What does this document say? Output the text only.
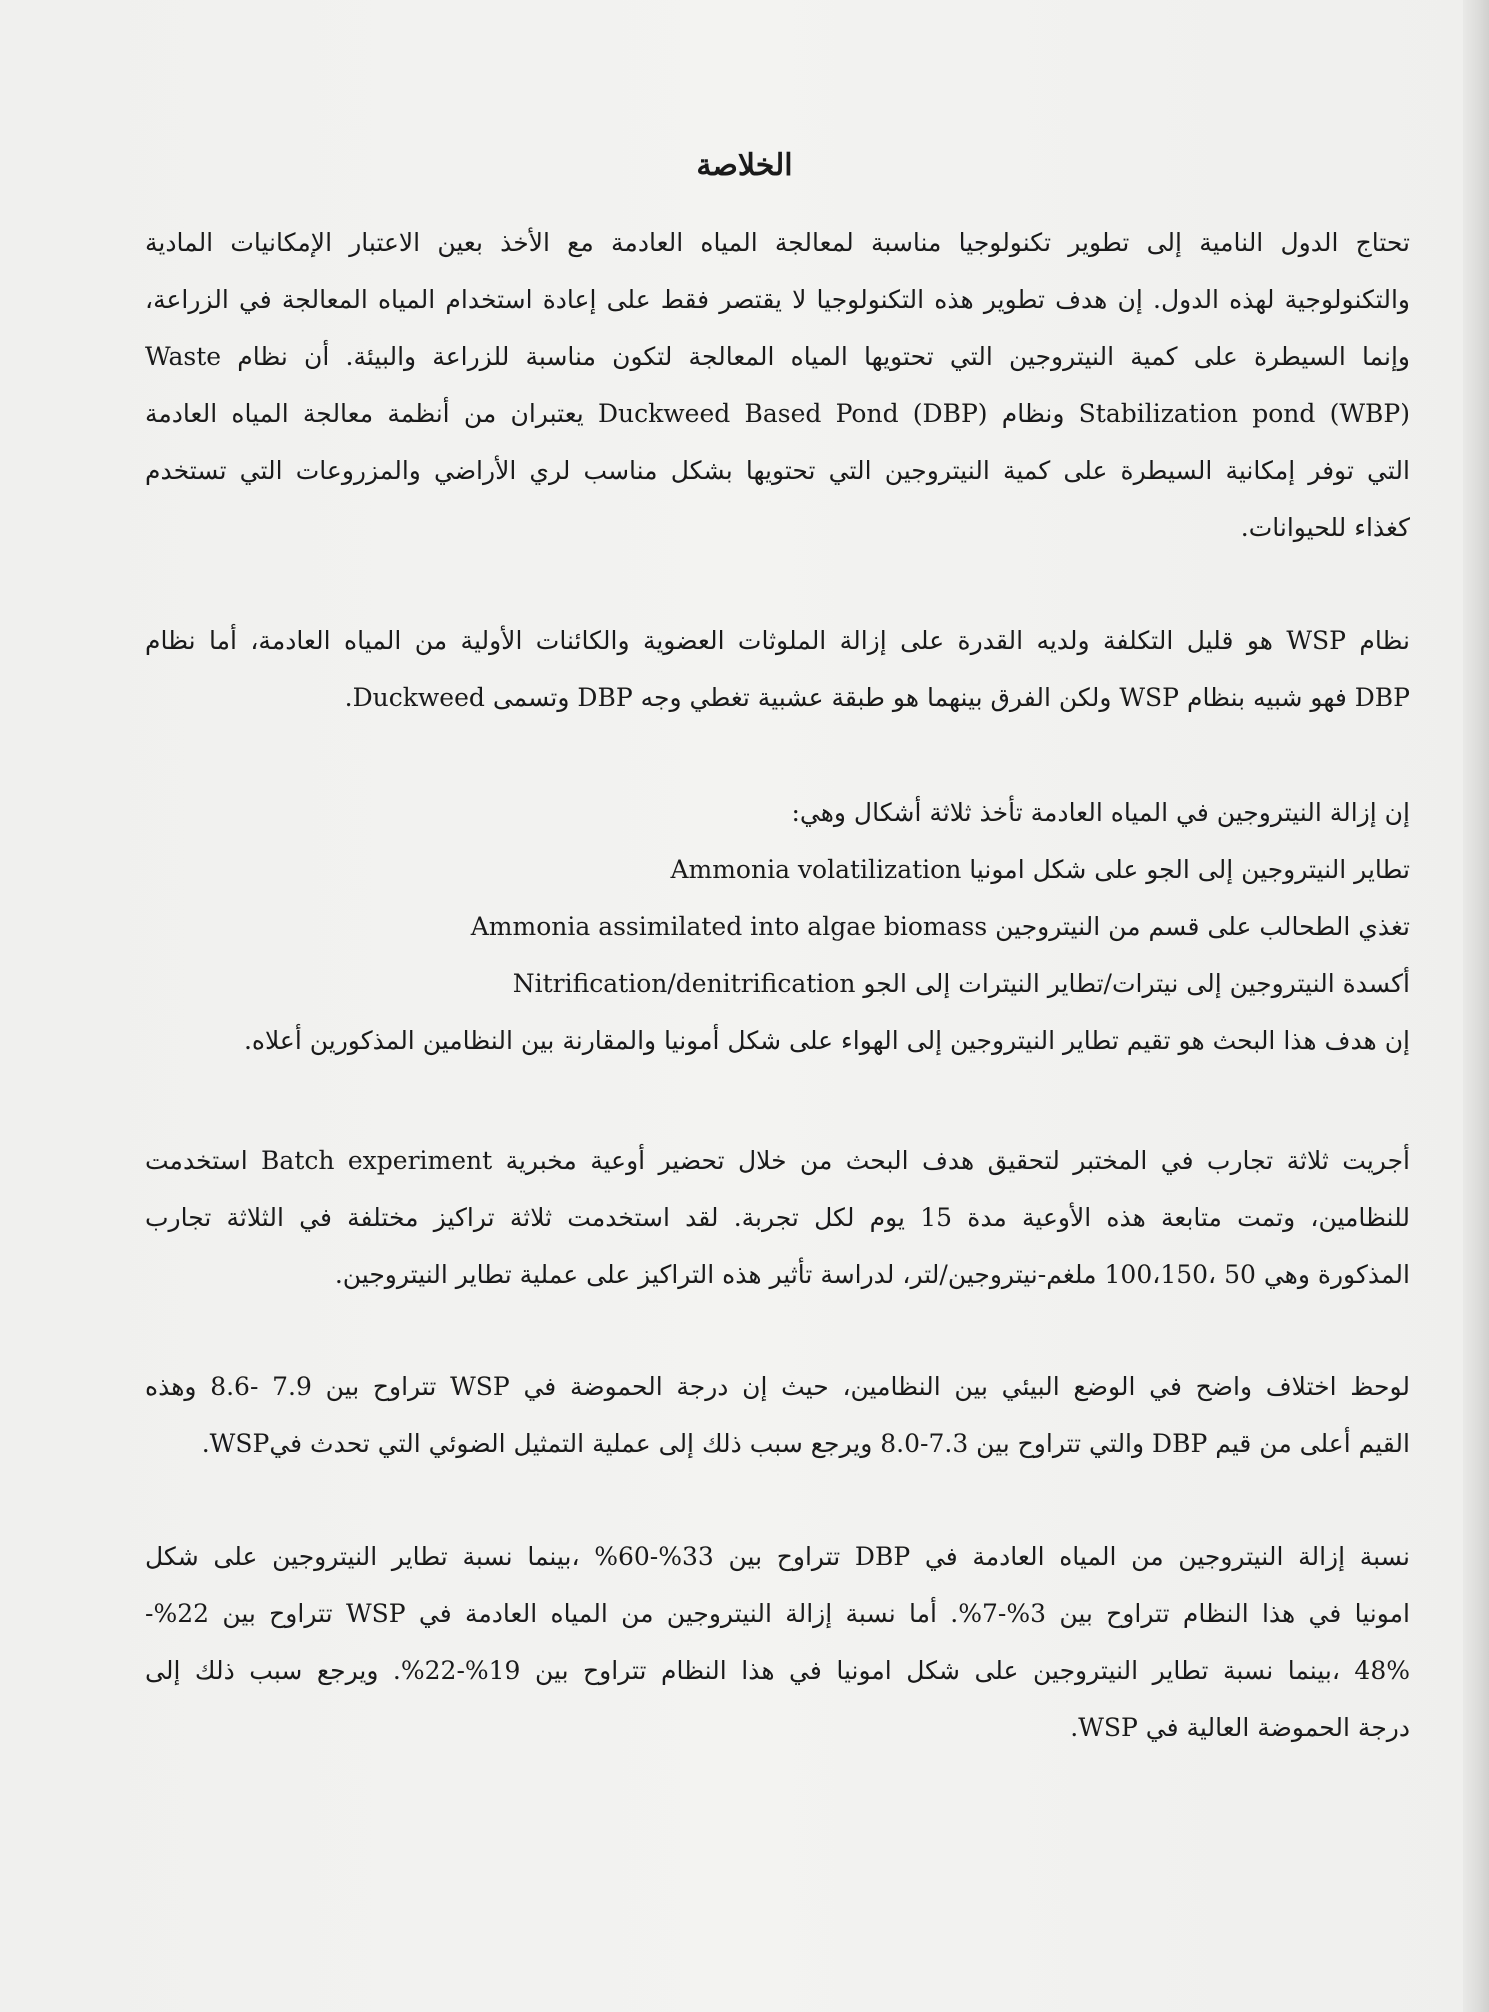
الخلاصة
تحتاج الدول النامية إلى تطوير تكنولوجيا مناسبة لمعالجة المياه العادمة مع الأخذ بعين الاعتبار الإمكانيات المادية
والتكنولوجية لهذه الدول. إن هدف تطوير هذه التكنولوجيا لا يقتصر فقط على إعادة استخدام المياه المعالجة في الزراعة،
وإنما السيطرة على كمية النيتروجين التي تحتويها المياه المعالجة لتكون مناسبة للزراعة والبيئة. أن نظام Waste
Stabilization pond (WBP) ونظام Duckweed Based Pond (DBP) يعتبران من أنظمة معالجة المياه العادمة
التي توفر إمكانية السيطرة على كمية النيتروجين التي تحتويها بشكل مناسب لري الأراضي والمزروعات التي تستخدم
كغذاء للحيوانات.
نظام WSP هو قليل التكلفة ولديه القدرة على إزالة الملوثات العضوية والكائنات الأولية من المياه العادمة، أما نظام
DBP فهو شبيه بنظام WSP ولكن الفرق بينهما هو طبقة عشبية تغطي وجه DBP وتسمى Duckweed.
إن إزالة النيتروجين في المياه العادمة تأخذ ثلاثة أشكال وهي:
تطاير النيتروجين إلى الجو على شكل امونيا Ammonia volatilization
تغذي الطحالب على قسم من النيتروجين Ammonia assimilated into algae biomass
أكسدة النيتروجين إلى نيترات/تطاير النيترات إلى الجو Nitrification/denitrification
إن هدف هذا البحث هو تقيم تطاير النيتروجين إلى الهواء على شكل أمونيا والمقارنة بين النظامين المذكورين أعلاه.
أجريت ثلاثة تجارب في المختبر لتحقيق هدف البحث من خلال تحضير أوعية مخبرية Batch experiment استخدمت
للنظامين، وتمت متابعة هذه الأوعية مدة 15 يوم لكل تجربة. لقد استخدمت ثلاثة تراكيز مختلفة في الثلاثة تجارب
المذكورة وهي 50 ،100،150 ملغم-نيتروجين/لتر، لدراسة تأثير هذه التراكيز على عملية تطاير النيتروجين.
لوحظ اختلاف واضح في الوضع البيئي بين النظامين، حيث إن درجة الحموضة في WSP تتراوح بين 7.9 -8.6 وهذه
القيم أعلى من قيم DBP والتي تتراوح بين 7.3-8.0 ويرجع سبب ذلك إلى عملية التمثيل الضوئي التي تحدث فيWSP.
نسبة إزالة النيتروجين من المياه العادمة في DBP تتراوح بين 33%-60% ،بينما نسبة تطاير النيتروجين على شكل
امونيا في هذا النظام تتراوح بين 3%-7%. أما نسبة إزالة النيتروجين من المياه العادمة في WSP تتراوح بين 22%-
48% ،بينما نسبة تطاير النيتروجين على شكل امونيا في هذا النظام تتراوح بين 19%-22%. ويرجع سبب ذلك إلى
درجة الحموضة العالية في WSP.
